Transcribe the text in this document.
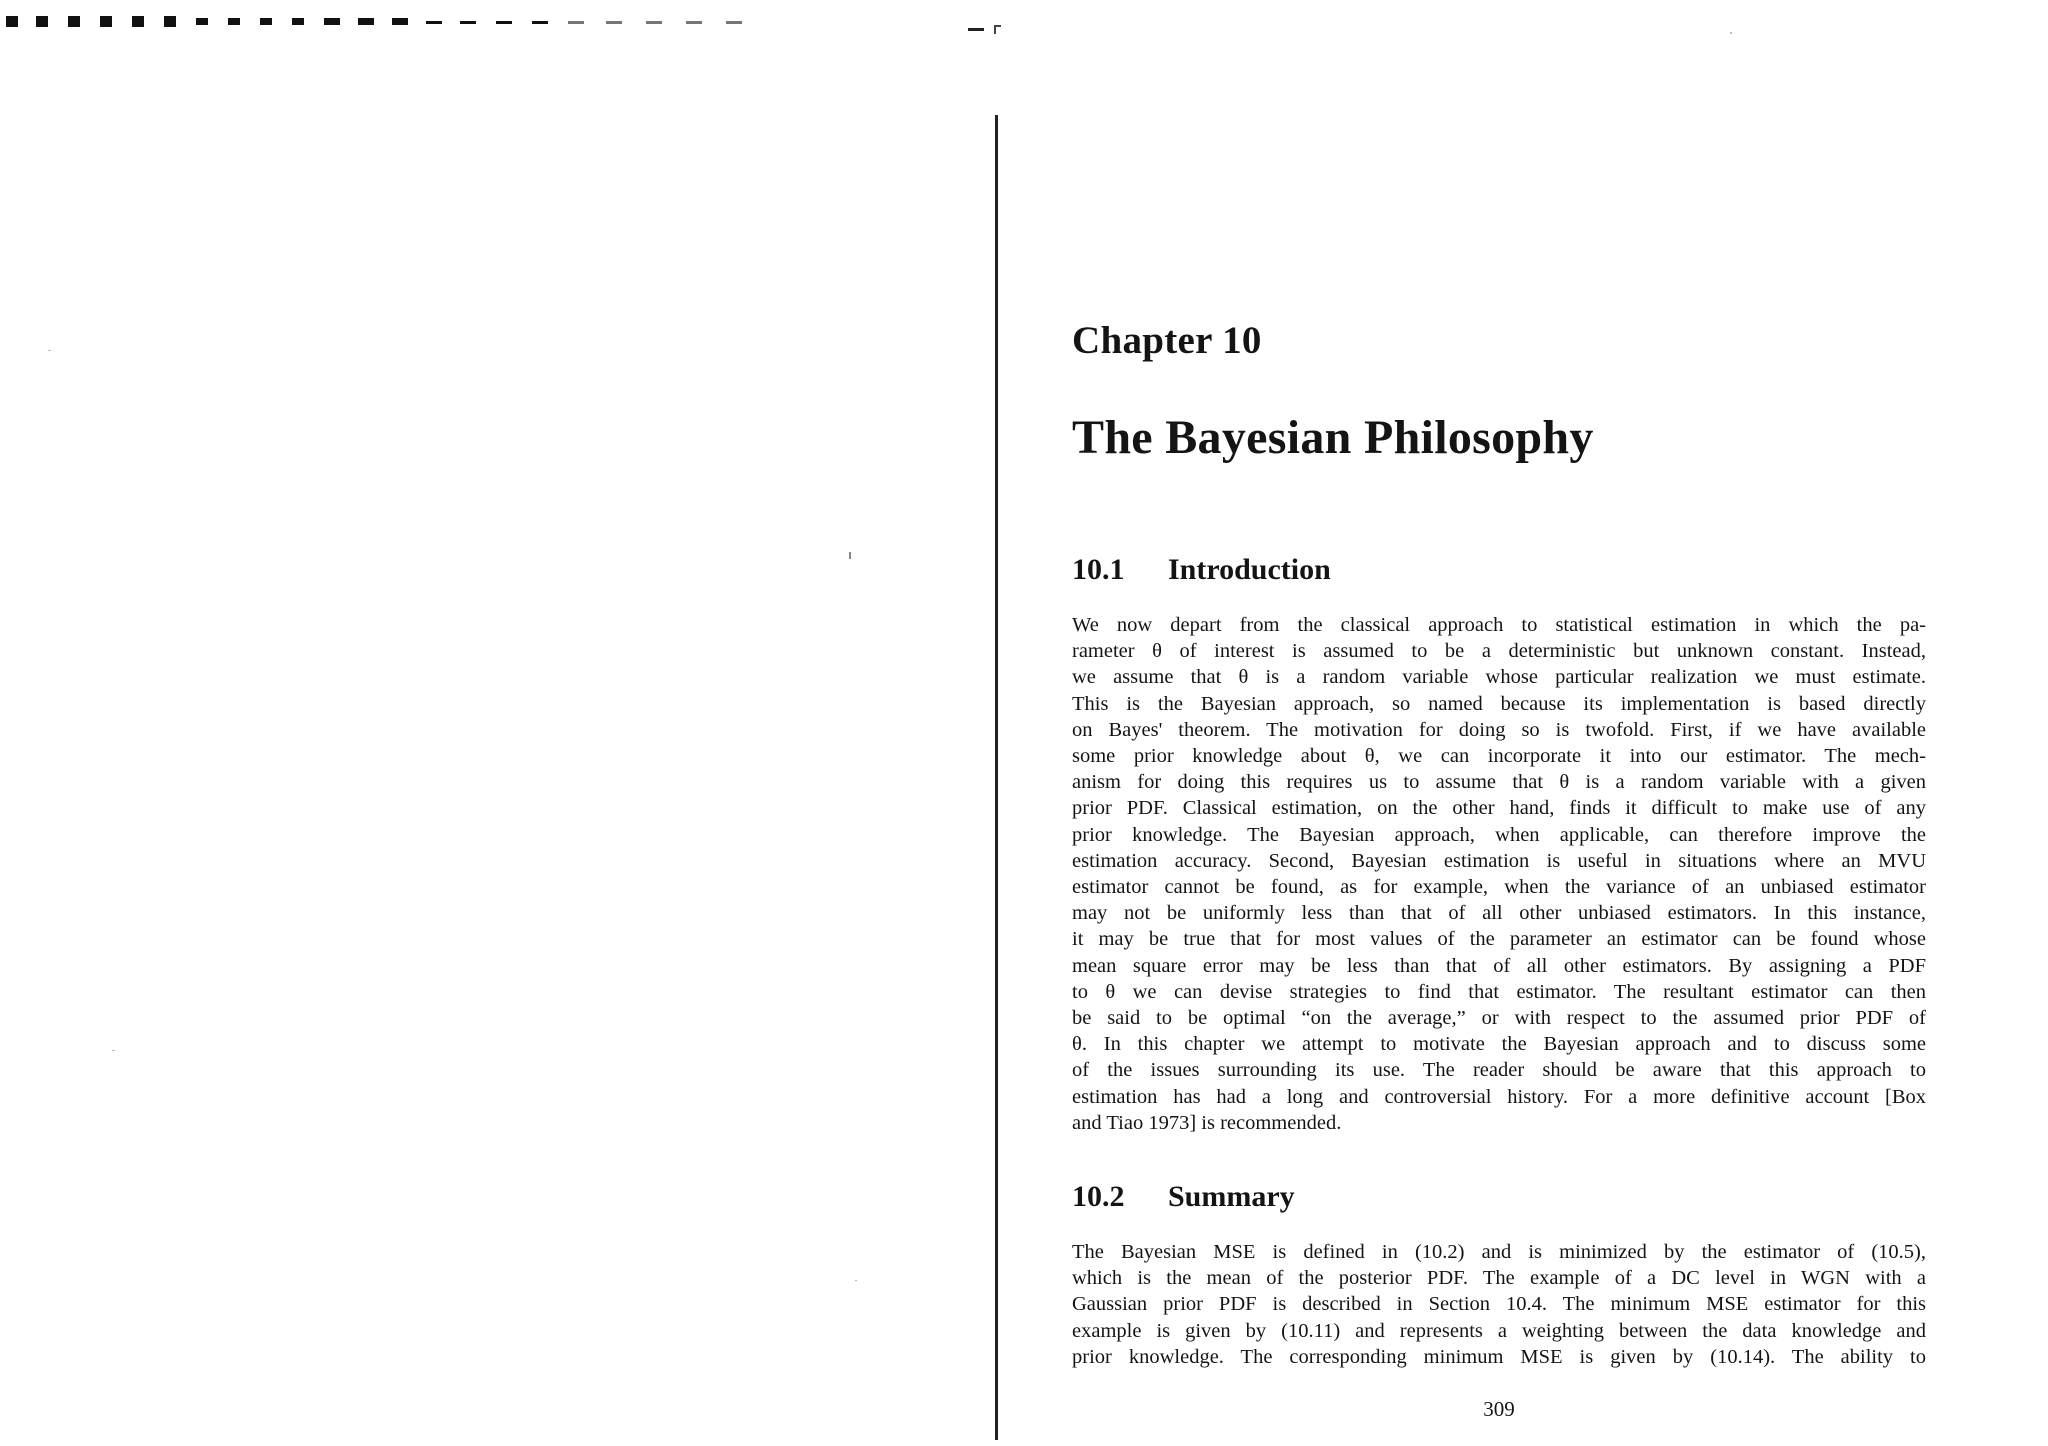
Chapter 10
The Bayesian Philosophy
10.1 Introduction
We now depart from the classical approach to statistical estimation in which the pa-
rameter θ of interest is assumed to be a deterministic but unknown constant. Instead,
we assume that θ is a random variable whose particular realization we must estimate.
This is the Bayesian approach, so named because its implementation is based directly
on Bayes' theorem. The motivation for doing so is twofold. First, if we have available
some prior knowledge about θ, we can incorporate it into our estimator. The mech-
anism for doing this requires us to assume that θ is a random variable with a given
prior PDF. Classical estimation, on the other hand, finds it difficult to make use of any
prior knowledge. The Bayesian approach, when applicable, can therefore improve the
estimation accuracy. Second, Bayesian estimation is useful in situations where an MVU
estimator cannot be found, as for example, when the variance of an unbiased estimator
may not be uniformly less than that of all other unbiased estimators. In this instance,
it may be true that for most values of the parameter an estimator can be found whose
mean square error may be less than that of all other estimators. By assigning a PDF
to θ we can devise strategies to find that estimator. The resultant estimator can then
be said to be optimal “on the average,” or with respect to the assumed prior PDF of
θ. In this chapter we attempt to motivate the Bayesian approach and to discuss some
of the issues surrounding its use. The reader should be aware that this approach to
estimation has had a long and controversial history. For a more definitive account [Box
and Tiao 1973] is recommended.
10.2 Summary
The Bayesian MSE is defined in (10.2) and is minimized by the estimator of (10.5),
which is the mean of the posterior PDF. The example of a DC level in WGN with a
Gaussian prior PDF is described in Section 10.4. The minimum MSE estimator for this
example is given by (10.11) and represents a weighting between the data knowledge and
prior knowledge. The corresponding minimum MSE is given by (10.14). The ability to
309
